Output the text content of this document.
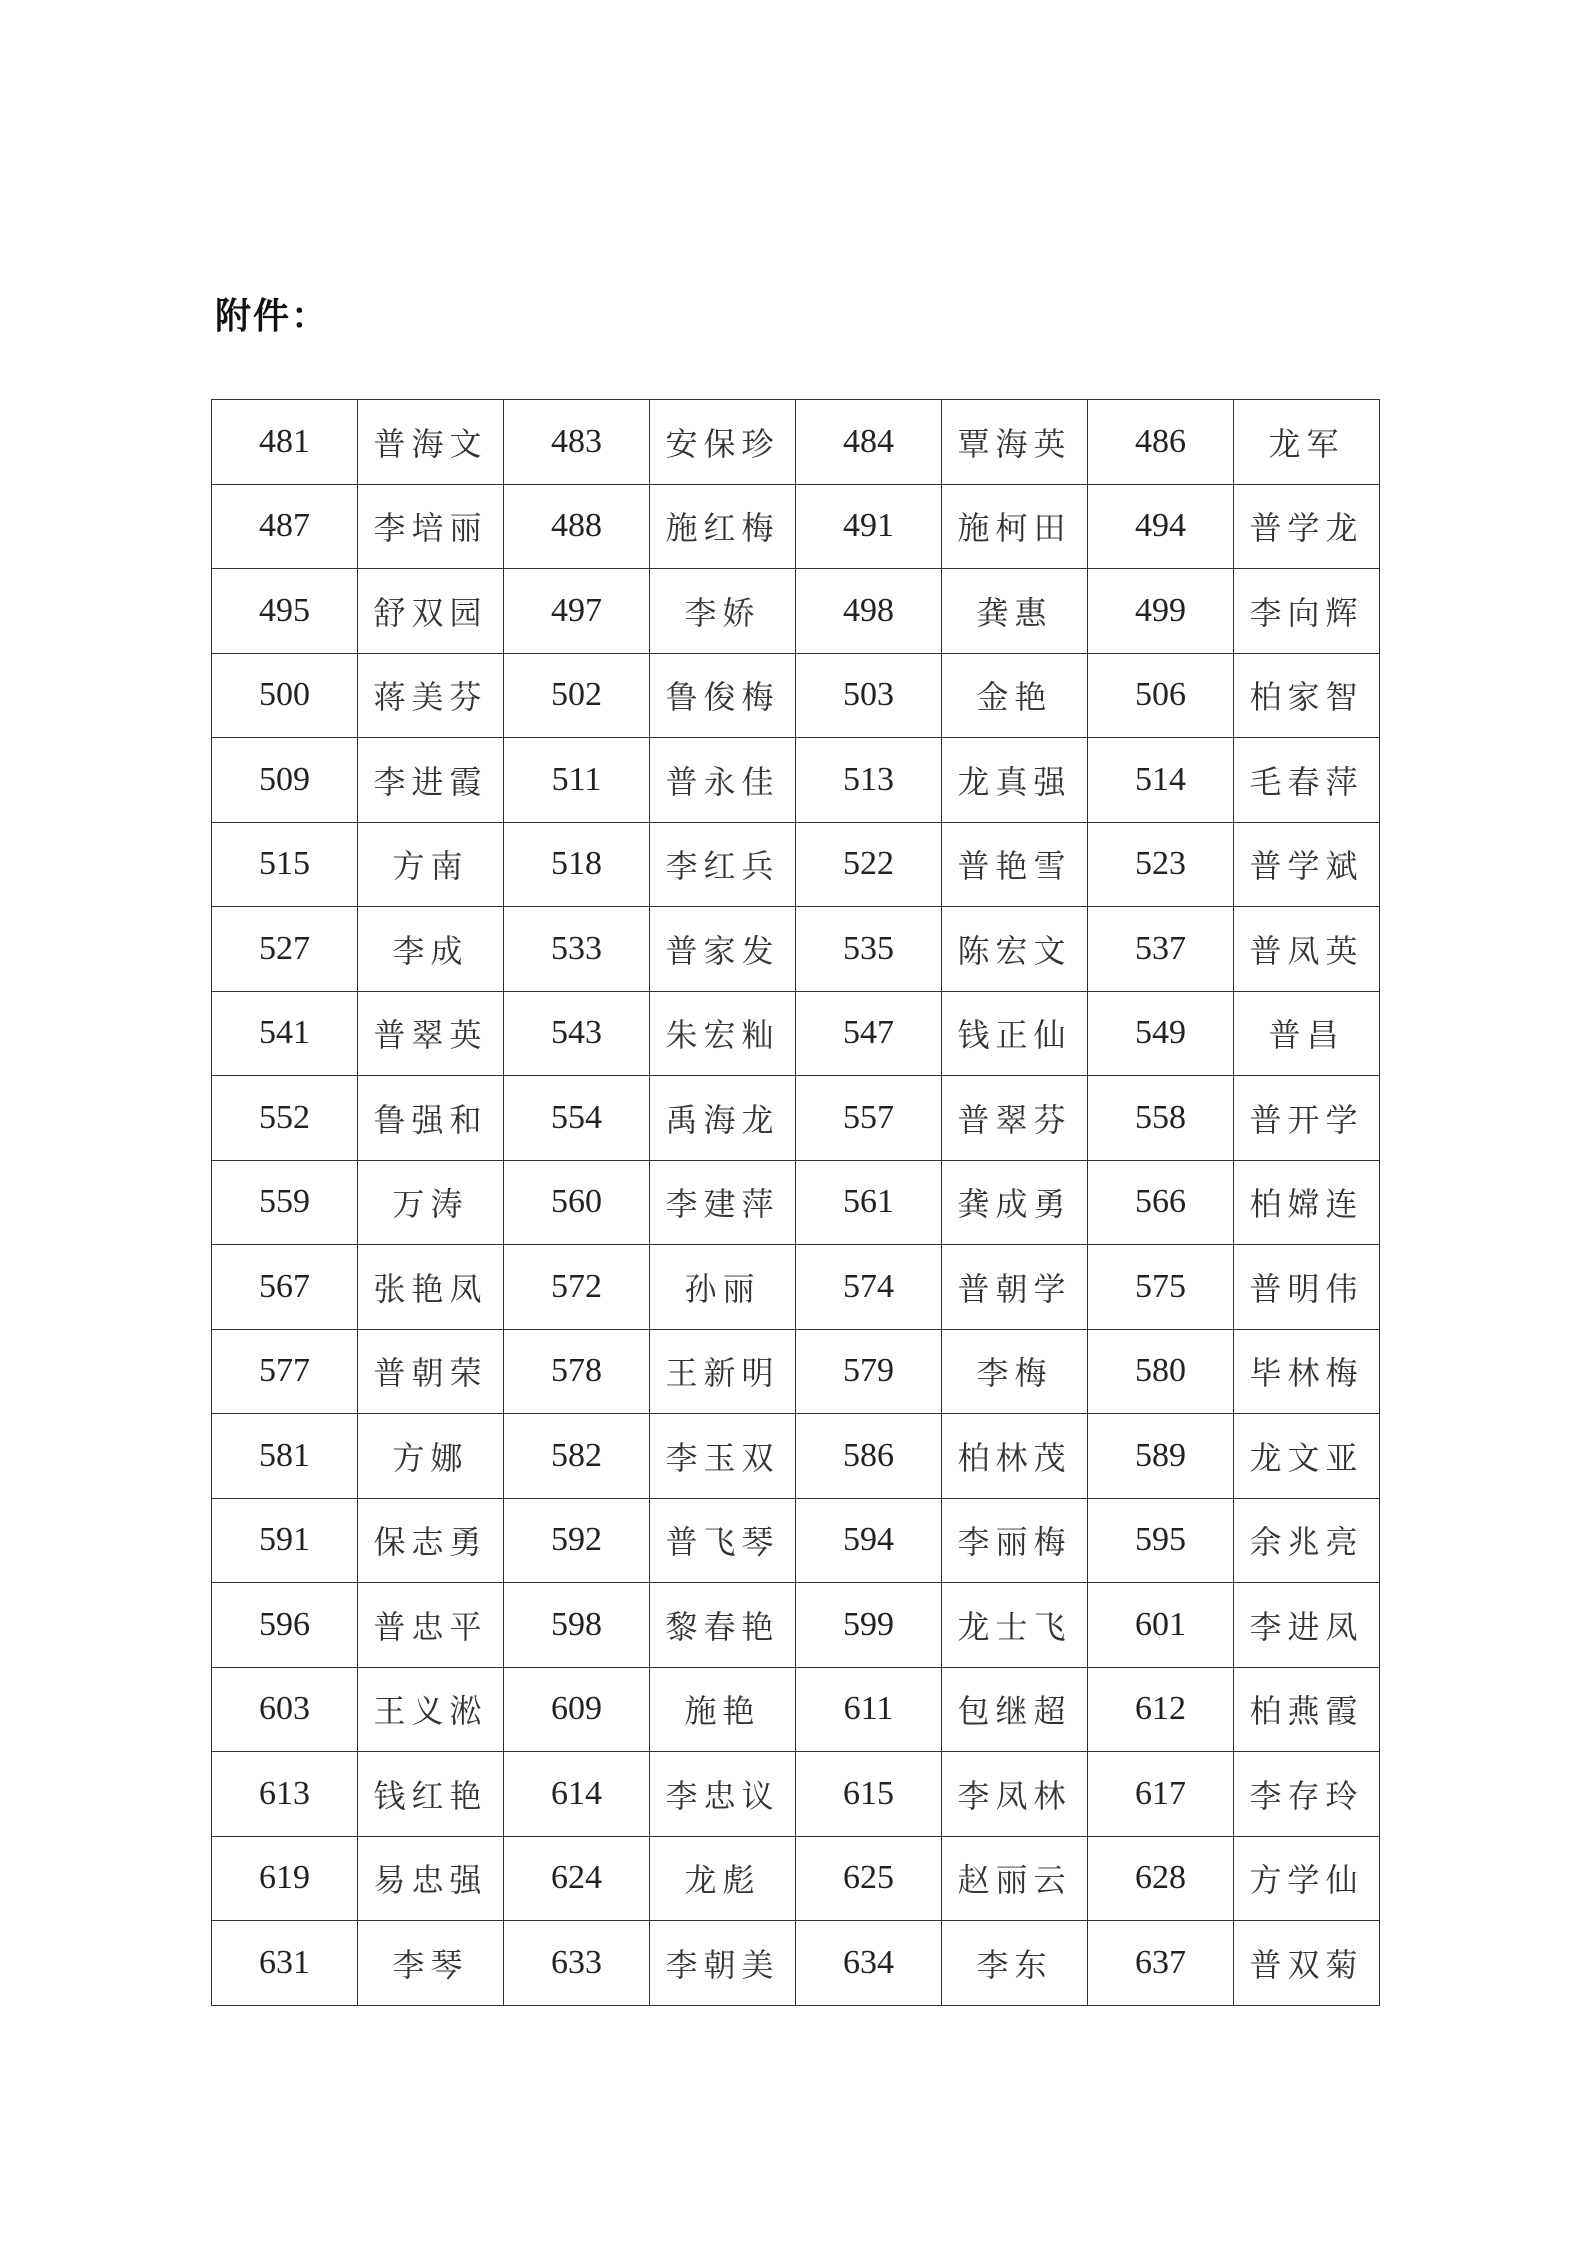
附件：
481	普海文	483	安保珍	484	覃海英	486	龙军
487	李培丽	488	施红梅	491	施柯田	494	普学龙
495	舒双园	497	李娇	498	龚惠	499	李向辉
500	蒋美芬	502	鲁俊梅	503	金艳	506	柏家智
509	李进霞	511	普永佳	513	龙真强	514	毛春萍
515	方南	518	李红兵	522	普艳雪	523	普学斌
527	李成	533	普家发	535	陈宏文	537	普凤英
541	普翠英	543	朱宏籼	547	钱正仙	549	普昌
552	鲁强和	554	禹海龙	557	普翠芬	558	普开学
559	万涛	560	李建萍	561	龚成勇	566	柏嫦连
567	张艳凤	572	孙丽	574	普朝学	575	普明伟
577	普朝荣	578	王新明	579	李梅	580	毕林梅
581	方娜	582	李玉双	586	柏林茂	589	龙文亚
591	保志勇	592	普飞琴	594	李丽梅	595	余兆亮
596	普忠平	598	黎春艳	599	龙士飞	601	李进凤
603	王义淞	609	施艳	611	包继超	612	柏燕霞
613	钱红艳	614	李忠议	615	李凤林	617	李存玲
619	易忠强	624	龙彪	625	赵丽云	628	方学仙
631	李琴	633	李朝美	634	李东	637	普双菊
